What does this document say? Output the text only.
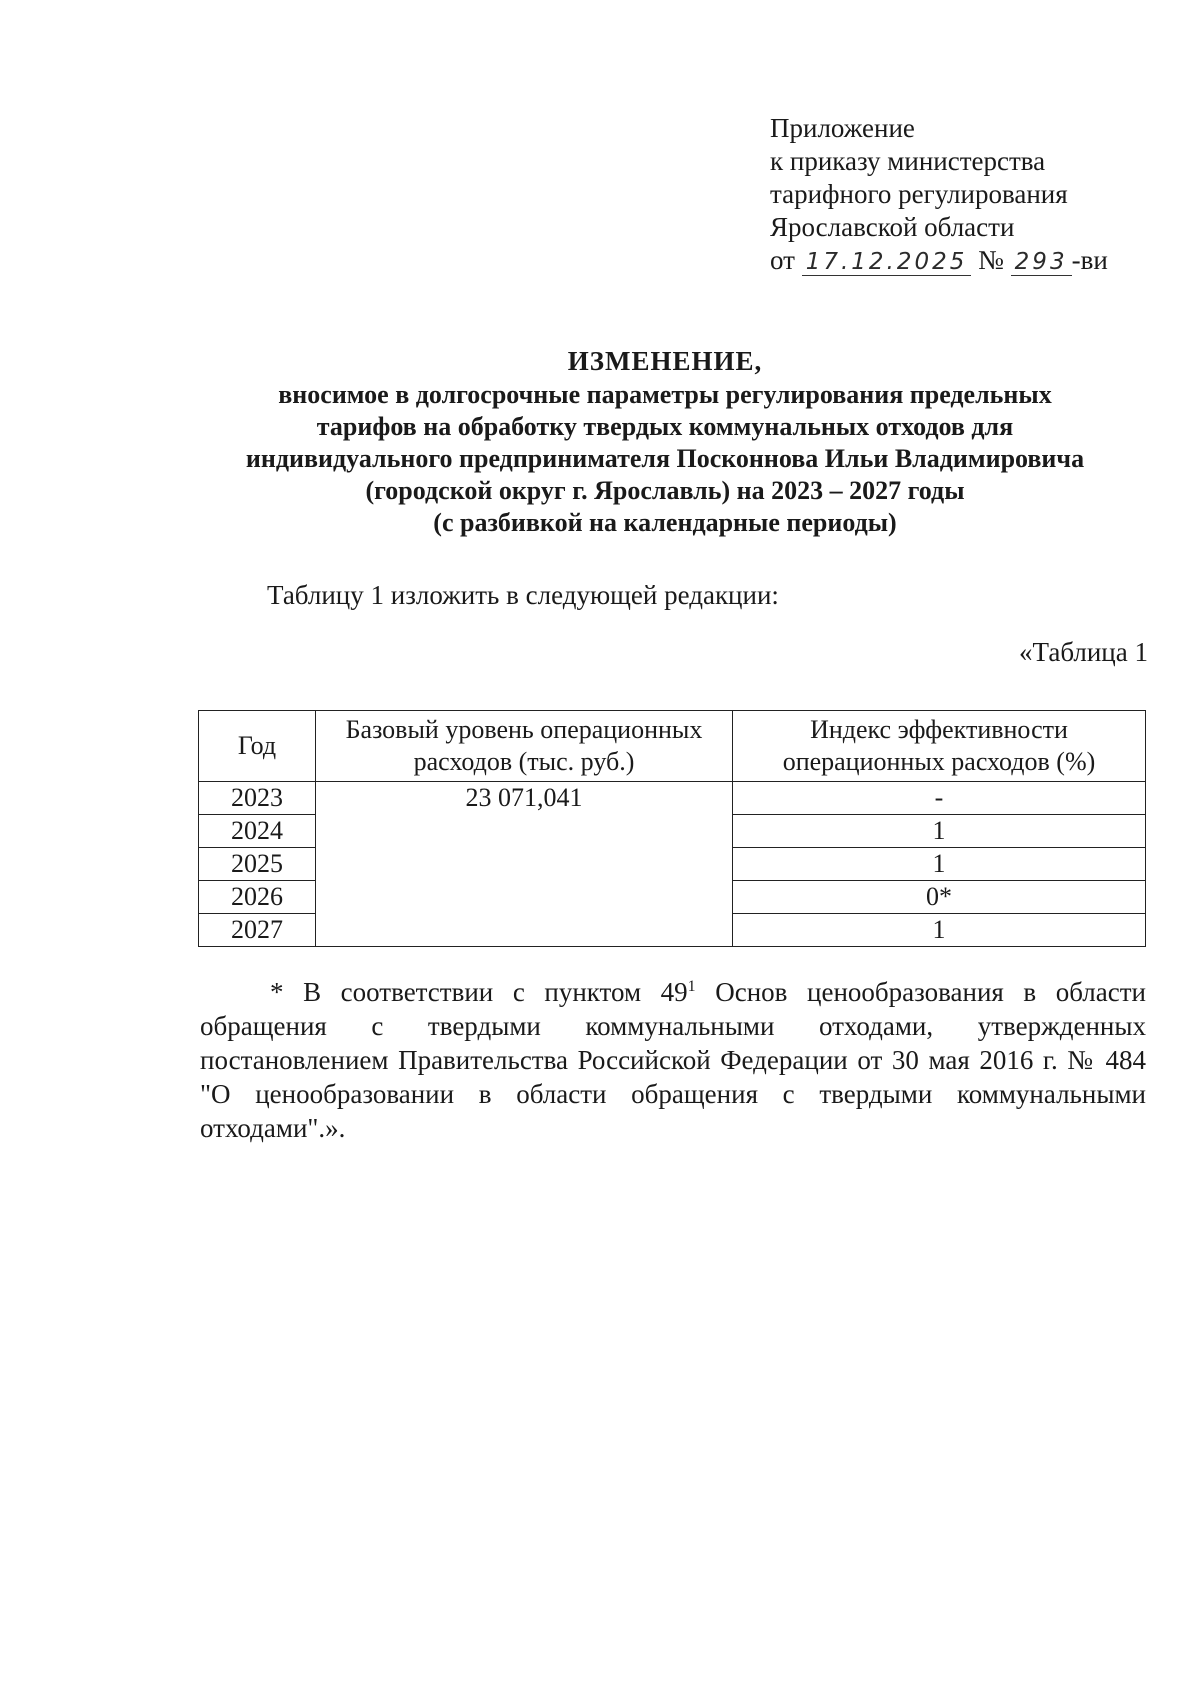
Приложение
к приказу министерства
тарифного регулирования
Ярославской области
от 17.12.2025 № 293 -ви
ИЗМЕНЕНИЕ,
вносимое в долгосрочные параметры регулирования предельных
тарифов на обработку твердых коммунальных отходов для
индивидуального предпринимателя Посконнова Ильи Владимировича
(городской округ г. Ярославль) на 2023 – 2027 годы
(с разбивкой на календарные периоды)
Таблицу 1 изложить в следующей редакции:
«Таблица 1
Год	Базовый уровень операционных расходов (тыс. руб.)	Индекс эффективности операционных расходов (%)
2023	23 071,041	-
2024		1
2025		1
2026		0*
2027		1
* В соответствии с пунктом $49^1$ Основ ценообразования в области обращения с твердыми коммунальными отходами, утвержденных постановлением Правительства Российской Федерации от 30 мая 2016 г. № 484 "О ценообразовании в области обращения с твердыми коммунальными отходами".».
